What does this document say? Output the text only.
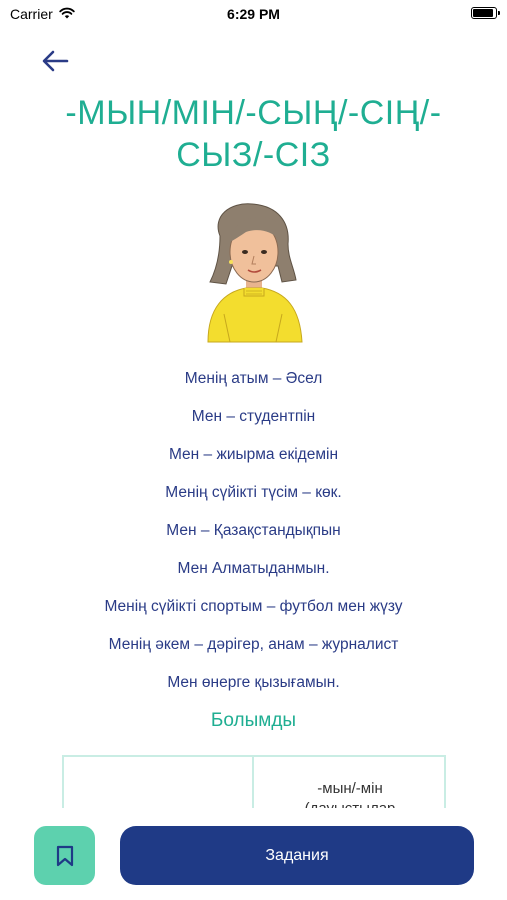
Carrier	6:29 PM
-МЫН/МІН/-СЫҢ/-СІҢ/-СЫЗ/-СІЗ
Менің атым – Әсел
Мен – студентпін
Мен – жиырма екідемін
Менің сүйікті түсім – көк.
Мен – Қазақстандықпын
Мен Алматыданмын.
Менің сүйікті спортым – футбол мен жүзу
Менің әкем – дәрігер, анам – журналист
Мен өнерге қызығамын.
Болымды
-мын/-мін
Задания
